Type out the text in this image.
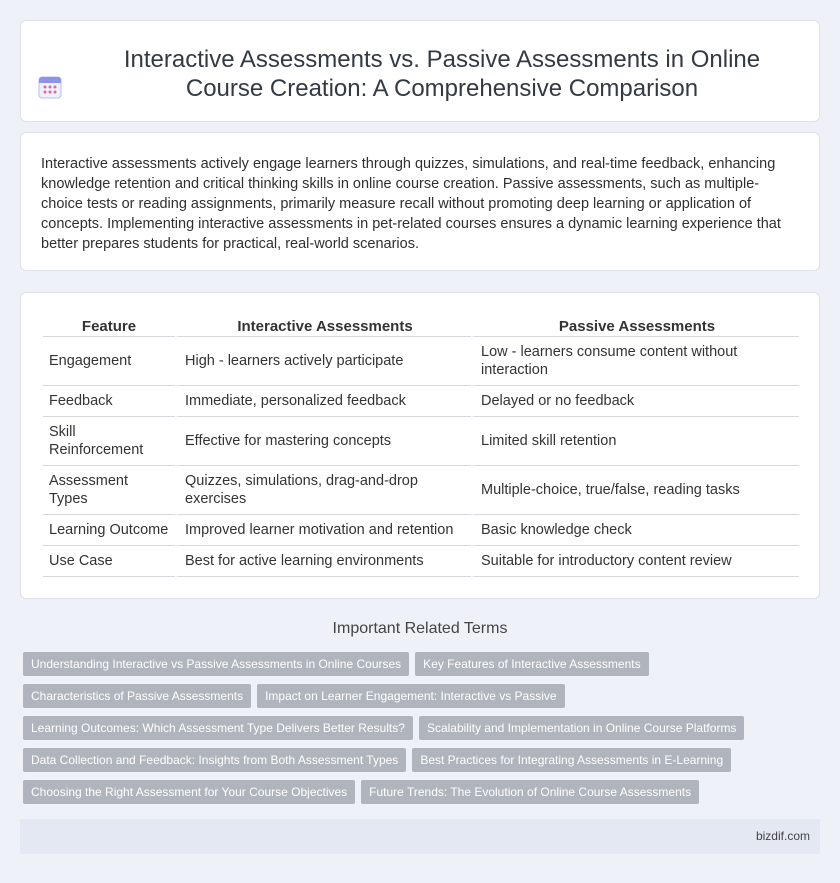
Interactive Assessments vs. Passive Assessments in Online Course Creation: A Comprehensive Comparison

Interactive assessments actively engage learners through quizzes, simulations, and real-time feedback, enhancing knowledge retention and critical thinking skills in online course creation. Passive assessments, such as multiple-choice tests or reading assignments, primarily measure recall without promoting deep learning or application of concepts. Implementing interactive assessments in pet-related courses ensures a dynamic learning experience that better prepares students for practical, real-world scenarios.

Feature	Interactive Assessments	Passive Assessments
Engagement	High - learners actively participate	Low - learners consume content without interaction
Feedback	Immediate, personalized feedback	Delayed or no feedback
Skill Reinforcement	Effective for mastering concepts	Limited skill retention
Assessment Types	Quizzes, simulations, drag-and-drop exercises	Multiple-choice, true/false, reading tasks
Learning Outcome	Improved learner motivation and retention	Basic knowledge check
Use Case	Best for active learning environments	Suitable for introductory content review
Important Related Terms
Understanding Interactive vs Passive Assessments in Online Courses	Key Features of Interactive Assessments
Characteristics of Passive Assessments	Impact on Learner Engagement: Interactive vs Passive
Learning Outcomes: Which Assessment Type Delivers Better Results?	Scalability and Implementation in Online Course Platforms
Data Collection and Feedback: Insights from Both Assessment Types	Best Practices for Integrating Assessments in E-Learning
Choosing the Right Assessment for Your Course Objectives	Future Trends: The Evolution of Online Course Assessments
bizdif.com
